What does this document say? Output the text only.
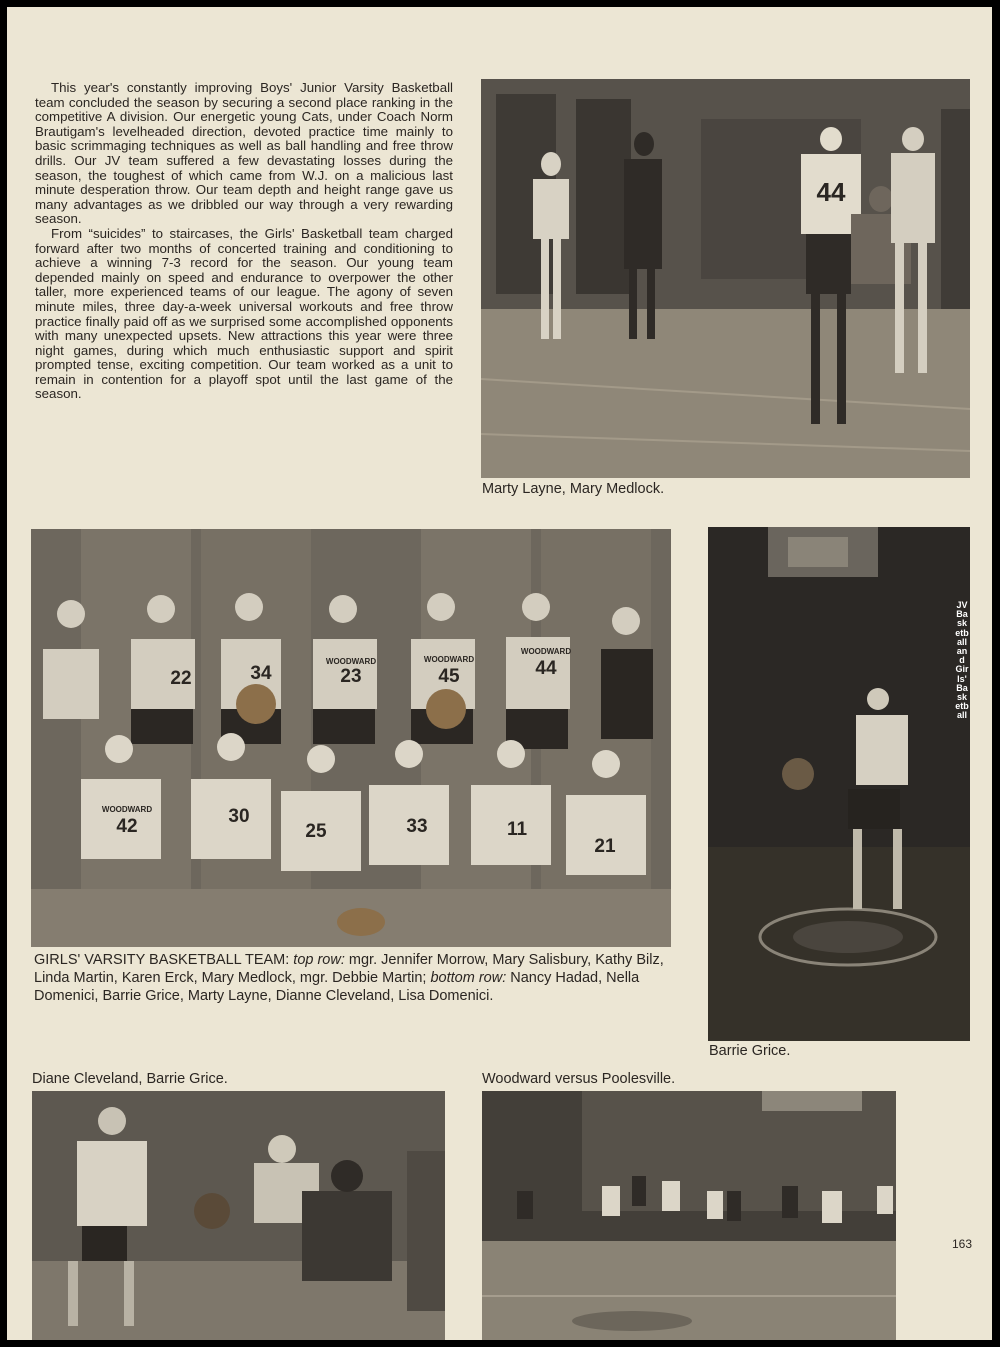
This year's constantly improving Boys' Junior Varsity Basketball team concluded the season by securing a second place ranking in the competitive A division. Our energetic young Cats, under Coach Norm Brautigam's levelheaded direction, devoted practice time mainly to basic scrimmaging techniques as well as ball handling and free throw drills. Our JV team suffered a few devastating losses during the season, the toughest of which came from W.J. on a malicious last minute desperation throw. Our team depth and height range gave us many advantages as we dribbled our way through a very rewarding season.

From “suicides” to staircases, the Girls' Basketball team charged forward after two months of concerted training and conditioning to achieve a winning 7-3 record for the season. Our young team depended mainly on speed and endurance to overpower the other taller, more experienced teams of our league. The agony of seven minute miles, three day-a-week universal workouts and free throw practice finally paid off as we surprised some accomplished opponents with many unexpected upsets. New attractions this year were three night games, during which much enthusiastic support and spirit prompted tense, exciting competition. Our team worked as a unit to remain in contention for a playoff spot until the last game of the season.

44

Marty Layne, Mary Medlock.

22	34	23	45	44
42	30
25	33	11
21
WOODWARD	WOODWARD
WOODWARD
WOODWARD

GIRLS' VARSITY BASKETBALL TEAM: top row: mgr. Jennifer Morrow, Mary Salisbury, Kathy Bilz, Linda Martin, Karen Erck, Mary Medlock, mgr. Debbie Martin; bottom row: Nancy Hadad, Nella Domenici, Barrie Grice, Marty Layne, Dianne Cleveland, Lisa Domenici.

JV Basketball and Girls' Basketball

Barrie Grice.

Diane Cleveland, Barrie Grice.	Woodward versus Poolesville.

163
